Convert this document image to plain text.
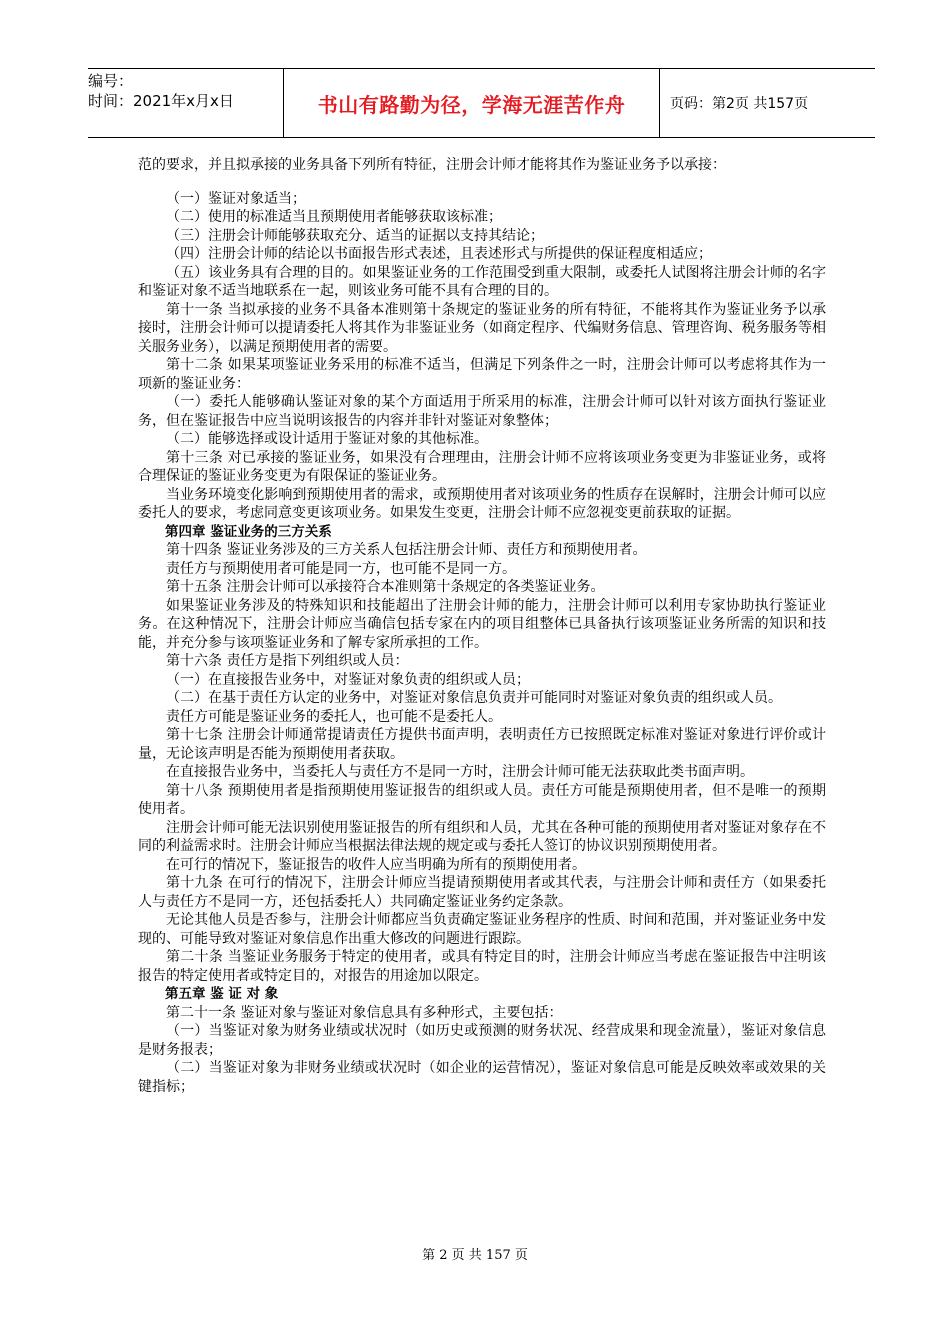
编号：
时间：2021年x月x日	书山有路勤为径，学海无涯苦作舟	页码：第2页 共157页

范的要求，并且拟承接的业务具备下列所有特征，注册会计师才能将其作为鉴证业务予以承接：

（一）鉴证对象适当；

（二）使用的标准适当且预期使用者能够获取该标准；

（三）注册会计师能够获取充分、适当的证据以支持其结论；

（四）注册会计师的结论以书面报告形式表述，且表述形式与所提供的保证程度相适应；

（五）该业务具有合理的目的。如果鉴证业务的工作范围受到重大限制，或委托人试图将注册会计师的名字和鉴证对象不适当地联系在一起，则该业务可能不具有合理的目的。

第十一条 当拟承接的业务不具备本准则第十条规定的鉴证业务的所有特征，不能将其作为鉴证业务予以承接时，注册会计师可以提请委托人将其作为非鉴证业务（如商定程序、代编财务信息、管理咨询、税务服务等相关服务业务），以满足预期使用者的需要。

第十二条 如果某项鉴证业务采用的标准不适当，但满足下列条件之一时，注册会计师可以考虑将其作为一项新的鉴证业务：

（一）委托人能够确认鉴证对象的某个方面适用于所采用的标准，注册会计师可以针对该方面执行鉴证业务，但在鉴证报告中应当说明该报告的内容并非针对鉴证对象整体；

（二）能够选择或设计适用于鉴证对象的其他标准。

第十三条 对已承接的鉴证业务，如果没有合理理由，注册会计师不应将该项业务变更为非鉴证业务，或将合理保证的鉴证业务变更为有限保证的鉴证业务。

当业务环境变化影响到预期使用者的需求，或预期使用者对该项业务的性质存在误解时，注册会计师可以应委托人的要求，考虑同意变更该项业务。如果发生变更，注册会计师不应忽视变更前获取的证据。

第四章 鉴证业务的三方关系

第十四条 鉴证业务涉及的三方关系人包括注册会计师、责任方和预期使用者。

责任方与预期使用者可能是同一方，也可能不是同一方。

第十五条 注册会计师可以承接符合本准则第十条规定的各类鉴证业务。

如果鉴证业务涉及的特殊知识和技能超出了注册会计师的能力，注册会计师可以利用专家协助执行鉴证业务。在这种情况下，注册会计师应当确信包括专家在内的项目组整体已具备执行该项鉴证业务所需的知识和技能，并充分参与该项鉴证业务和了解专家所承担的工作。

第十六条 责任方是指下列组织或人员：

（一）在直接报告业务中，对鉴证对象负责的组织或人员；

（二）在基于责任方认定的业务中，对鉴证对象信息负责并可能同时对鉴证对象负责的组织或人员。

责任方可能是鉴证业务的委托人，也可能不是委托人。

第十七条 注册会计师通常提请责任方提供书面声明，表明责任方已按照既定标准对鉴证对象进行评价或计量，无论该声明是否能为预期使用者获取。

在直接报告业务中，当委托人与责任方不是同一方时，注册会计师可能无法获取此类书面声明。

第十八条 预期使用者是指预期使用鉴证报告的组织或人员。责任方可能是预期使用者，但不是唯一的预期使用者。

注册会计师可能无法识别使用鉴证报告的所有组织和人员，尤其在各种可能的预期使用者对鉴证对象存在不同的利益需求时。注册会计师应当根据法律法规的规定或与委托人签订的协议识别预期使用者。

在可行的情况下，鉴证报告的收件人应当明确为所有的预期使用者。

第十九条 在可行的情况下，注册会计师应当提请预期使用者或其代表，与注册会计师和责任方（如果委托人与责任方不是同一方，还包括委托人）共同确定鉴证业务约定条款。

无论其他人员是否参与，注册会计师都应当负责确定鉴证业务程序的性质、时间和范围，并对鉴证业务中发现的、可能导致对鉴证对象信息作出重大修改的问题进行跟踪。

第二十条 当鉴证业务服务于特定的使用者，或具有特定目的时，注册会计师应当考虑在鉴证报告中注明该报告的特定使用者或特定目的，对报告的用途加以限定。

第五章 鉴 证 对 象

第二十一条 鉴证对象与鉴证对象信息具有多种形式，主要包括：

（一）当鉴证对象为财务业绩或状况时（如历史或预测的财务状况、经营成果和现金流量），鉴证对象信息是财务报表；

（二）当鉴证对象为非财务业绩或状况时（如企业的运营情况），鉴证对象信息可能是反映效率或效果的关键指标；

第 2 页 共 157 页
